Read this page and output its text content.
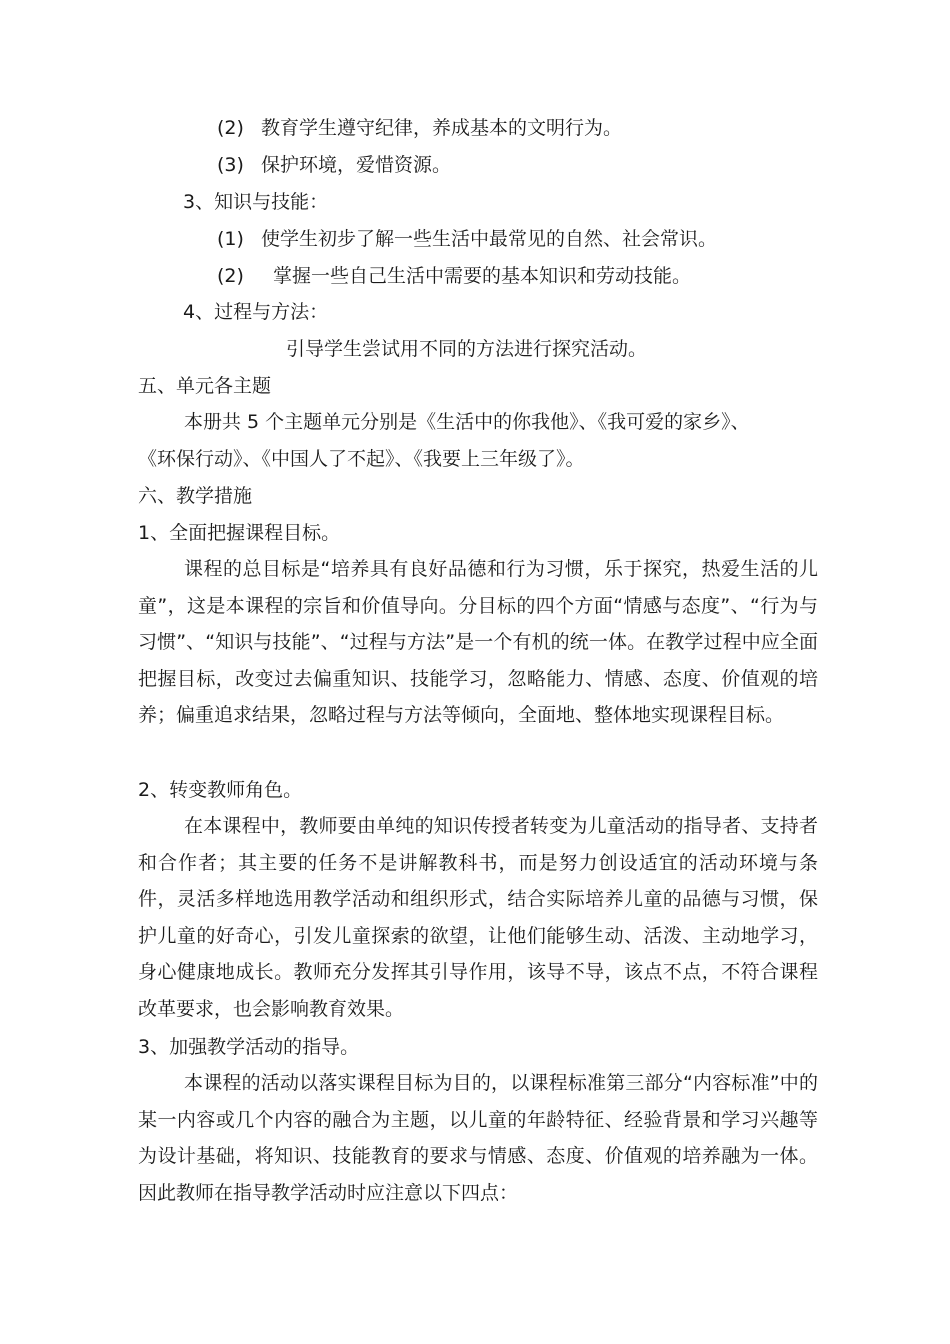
(2) 教育学生遵守纪律，养成基本的文明行为。
(3) 保护环境，爱惜资源。
3、知识与技能：
(1) 使学生初步了解一些生活中最常见的自然、社会常识。
(2) 掌握一些自己生活中需要的基本知识和劳动技能。
4、过程与方法：
引导学生尝试用不同的方法进行探究活动。
五、单元各主题
本册共 5 个主题单元分别是《生活中的你我他》、《我可爱的家乡》、
《环保行动》、《中国人了不起》、《我要上三年级了》。
六、教学措施
1、全面把握课程目标。

课程的总目标是“培养具有良好品德和行为习惯，乐于探究，热爱生活的儿童”，这是本课程的宗旨和价值导向。分目标的四个方面“情感与态度”、“行为与习惯”、“知识与技能”、“过程与方法”是一个有机的统一体。在教学过程中应全面把握目标，改变过去偏重知识、技能学习，忽略能力、情感、态度、价值观的培养；偏重追求结果，忽略过程与方法等倾向，全面地、整体地实现课程目标。

2、转变教师角色。

在本课程中，教师要由单纯的知识传授者转变为儿童活动的指导者、支持者和合作者；其主要的任务不是讲解教科书，而是努力创设适宜的活动环境与条件，灵活多样地选用教学活动和组织形式，结合实际培养儿童的品德与习惯，保护儿童的好奇心，引发儿童探索的欲望，让他们能够生动、活泼、主动地学习，身心健康地成长。教师充分发挥其引导作用，该导不导，该点不点，不符合课程改革要求，也会影响教育效果。

3、加强教学活动的指导。

本课程的活动以落实课程目标为目的，以课程标准第三部分“内容标准”中的某一内容或几个内容的融合为主题，以儿童的年龄特征、经验背景和学习兴趣等为设计基础，将知识、技能教育的要求与情感、态度、价值观的培养融为一体。因此教师在指导教学活动时应注意以下四点：
